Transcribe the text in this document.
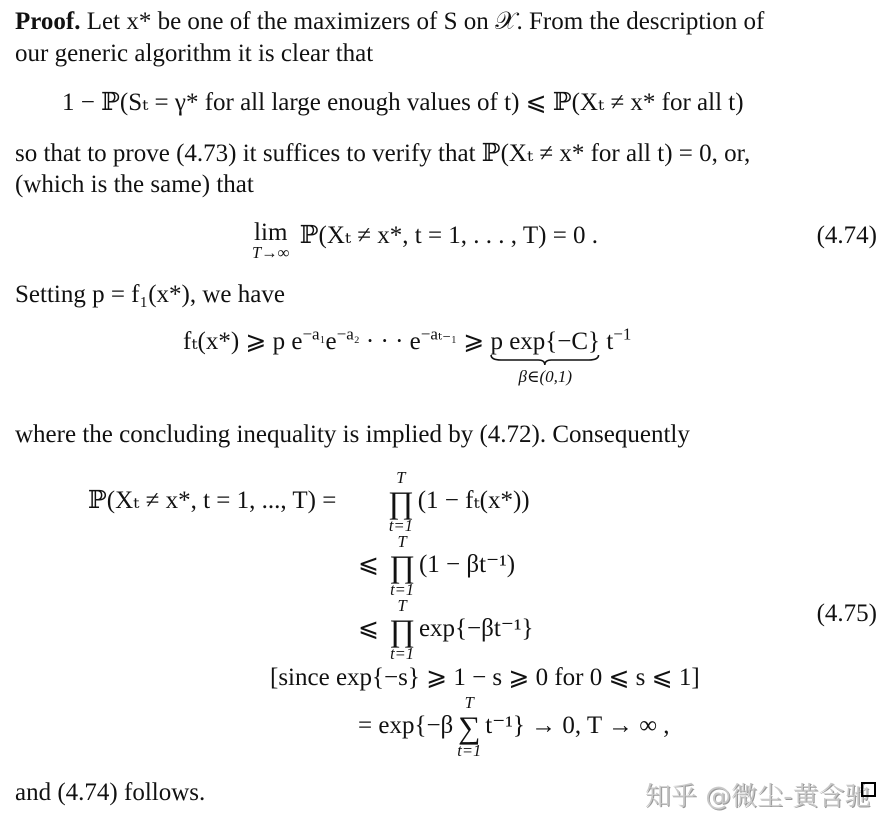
Proof. Let x* be one of the maximizers of S on 𝒳. From the description of
our generic algorithm it is clear that
1 − ℙ(Sₜ = γ* for all large enough values of t) ⩽ ℙ(Xₜ ≠ x* for all t)
so that to prove (4.73) it suffices to verify that ℙ(Xₜ ≠ x* for all t) = 0, or,
(which is the same) that
lim
T→∞
ℙ(Xₜ ≠ x*, t = 1, . . . , T) = 0 .	(4.74)
Setting p = f₁(x*), we have
fₜ(x*) ⩾ p $e^{-a_1}e^{-a_2}$ · · · $e^{-a_{t-1}}$ ⩾ p exp{−C}
β∈(0,1)
$t^{-1}$
where the concluding inequality is implied by (4.72). Consequently
ℙ(Xₜ ≠ x*, t = 1, ..., T) =
T
∏
t=1
(1 − fₜ(x*))
⩽
T
∏
t=1
(1 − βt⁻¹)
⩽
T
∏
t=1
exp{−βt⁻¹}
(4.75)
[since exp{−s} ⩾ 1 − s ⩾ 0 for 0 ⩽ s ⩽ 1]
= exp{−β
T
∑
t=1
t⁻¹} → 0, T → ∞ ,
and (4.74) follows.	知乎 @微尘-黄含驰
